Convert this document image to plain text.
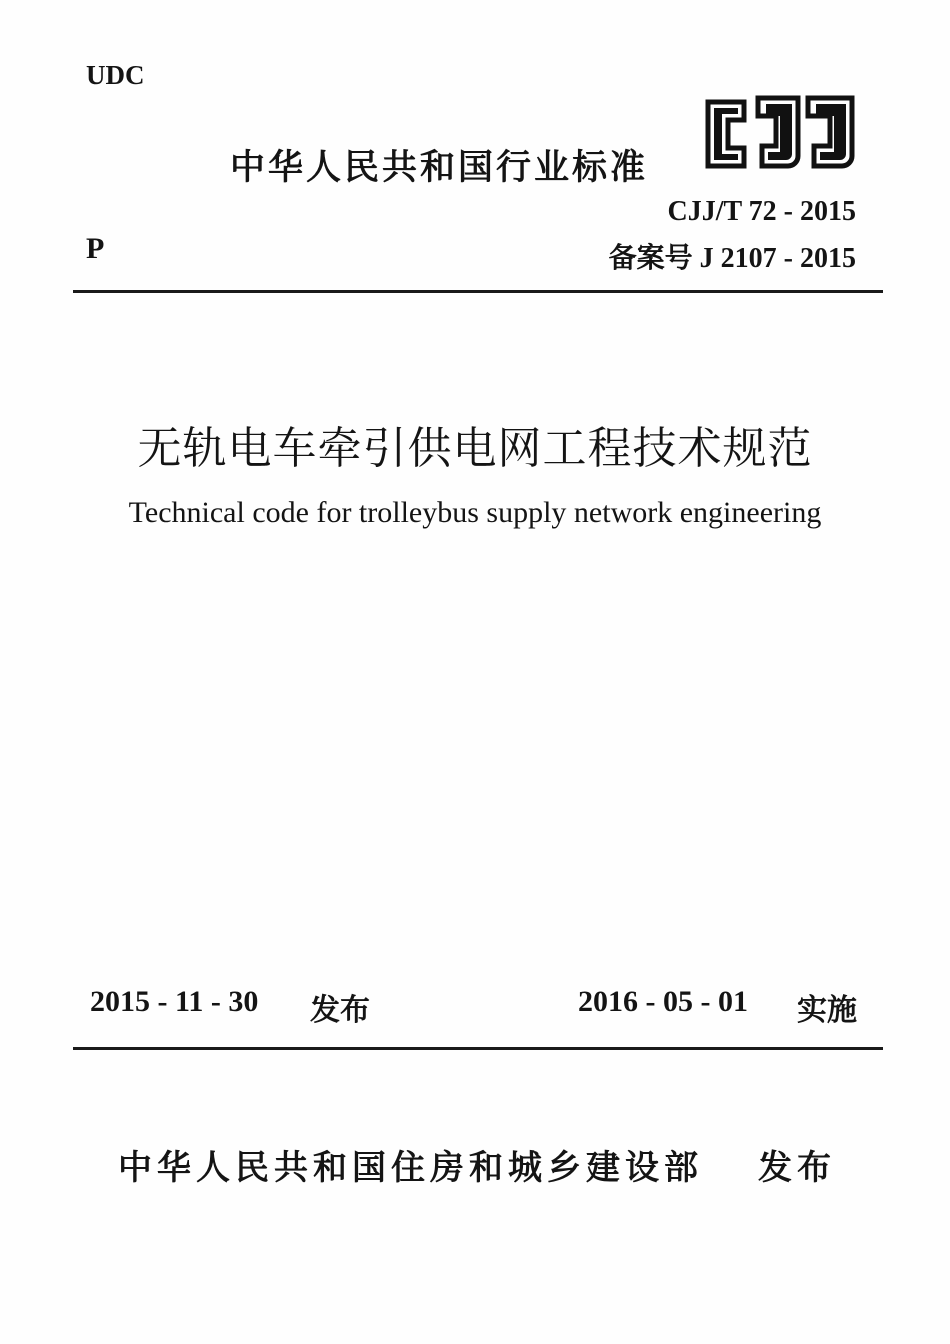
UDC
中华人民共和国行业标准
CJJ/T 72 - 2015
P	备案号 J 2107 - 2015
无轨电车牵引供电网工程技术规范
Technical code for trolleybus supply network engineering
2015 - 11 - 30 发布	2016 - 05 - 01 实施
中华人民共和国住房和城乡建设部 发布
